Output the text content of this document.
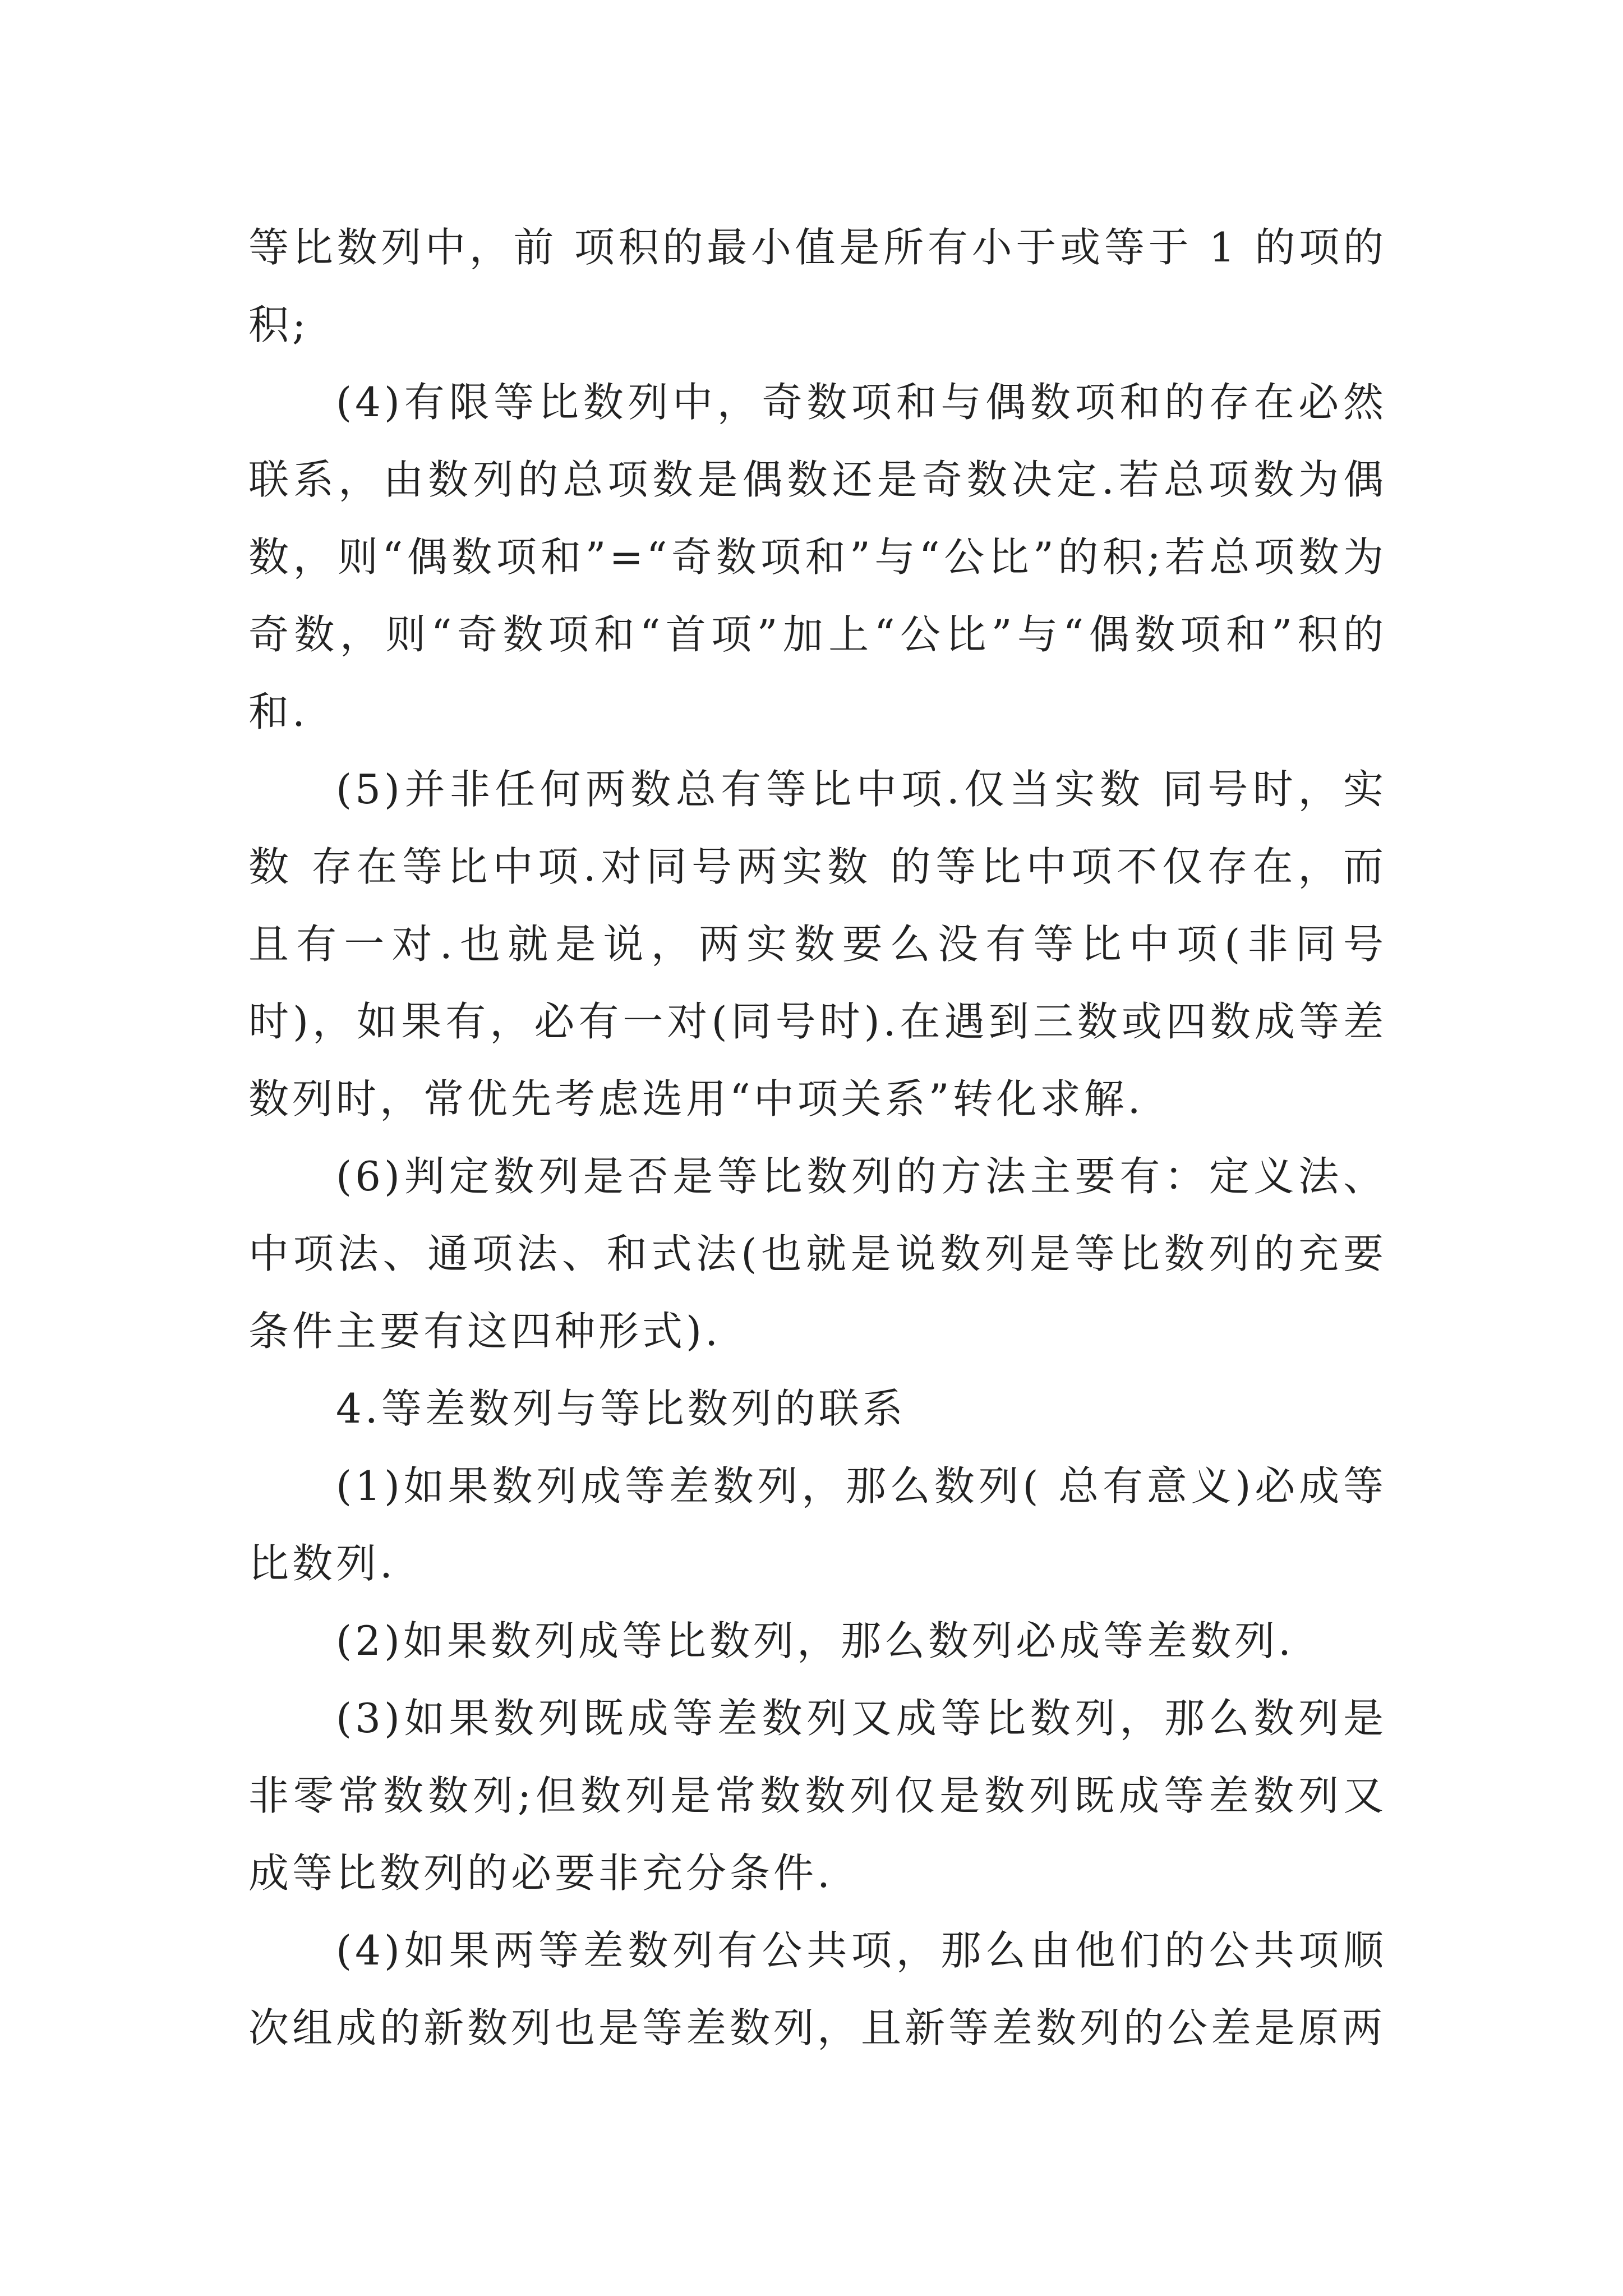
等比数列中，前 项积的最小值是所有小于或等于 1 的项的积;

(4)有限等比数列中，奇数项和与偶数项和的存在必然联系，由数列的总项数是偶数还是奇数决定.若总项数为偶数，则“偶数项和”=“奇数项和”与“公比”的积;若总项数为奇数，则“奇数项和“首项”加上“公比”与“偶数项和”积的和.

(5)并非任何两数总有等比中项.仅当实数 同号时，实数 存在等比中项.对同号两实数 的等比中项不仅存在，而且有一对.也就是说，两实数要么没有等比中项(非同号时)，如果有，必有一对(同号时).在遇到三数或四数成等差数列时，常优先考虑选用“中项关系”转化求解.

(6)判定数列是否是等比数列的方法主要有：定义法、中项法、通项法、和式法(也就是说数列是等比数列的充要条件主要有这四种形式).

4.等差数列与等比数列的联系

(1)如果数列成等差数列，那么数列( 总有意义)必成等比数列.

(2)如果数列成等比数列，那么数列必成等差数列.

(3)如果数列既成等差数列又成等比数列，那么数列是非零常数数列;但数列是常数数列仅是数列既成等差数列又成等比数列的必要非充分条件.

(4)如果两等差数列有公共项，那么由他们的公共项顺次组成的新数列也是等差数列，且新等差数列的公差是原两
